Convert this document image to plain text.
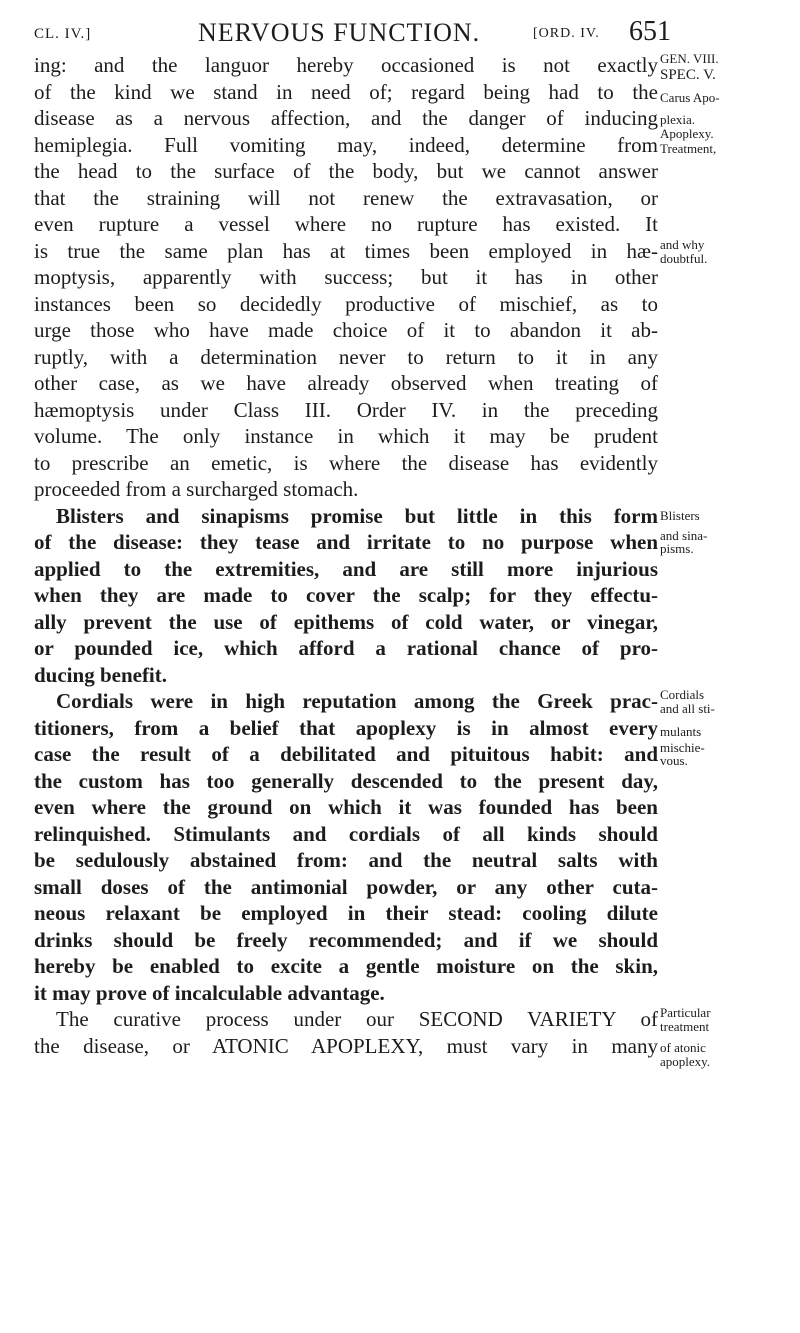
CL. IV.]	NERVOUS FUNCTION.	[ORD. IV. 651
ing: and the languor hereby occasioned is not exactly
of the kind we stand in need of; regard being had to the
disease as a nervous affection, and the danger of inducing
hemiplegia. Full vomiting may, indeed, determine from
the head to the surface of the body, but we cannot answer
that the straining will not renew the extravasation, or
even rupture a vessel where no rupture has existed. It
is true the same plan has at times been employed in hæ-
moptysis, apparently with success; but it has in other
instances been so decidedly productive of mischief, as to
urge those who have made choice of it to abandon it ab-
ruptly, with a determination never to return to it in any
other case, as we have already observed when treating of
hæmoptysis under Class III. Order IV. in the preceding
volume. The only instance in which it may be prudent
to prescribe an emetic, is where the disease has evidently
proceeded from a surcharged stomach.
Blisters and sinapisms promise but little in this form
of the disease: they tease and irritate to no purpose when
applied to the extremities, and are still more injurious
when they are made to cover the scalp; for they effectu-
ally prevent the use of epithems of cold water, or vinegar,
or pounded ice, which afford a rational chance of pro-
ducing benefit.
Cordials were in high reputation among the Greek prac-
titioners, from a belief that apoplexy is in almost every
case the result of a debilitated and pituitous habit: and
the custom has too generally descended to the present day,
even where the ground on which it was founded has been
relinquished. Stimulants and cordials of all kinds should
be sedulously abstained from: and the neutral salts with
small doses of the antimonial powder, or any other cuta-
neous relaxant be employed in their stead: cooling dilute
drinks should be freely recommended; and if we should
hereby be enabled to excite a gentle moisture on the skin,
it may prove of incalculable advantage.
The curative process under our SECOND VARIETY of
the disease, or ATONIC APOPLEXY, must vary in many
GEN. VIII.
SPEC. V.
Carus Apo-
plexia.
Apoplexy.
Treatment,
and why
doubtful.
Blisters
and sina-
pisms.
Cordials
and all sti-
mulants
mischie-
vous.
Particular
treatment
of atonic
apoplexy.
